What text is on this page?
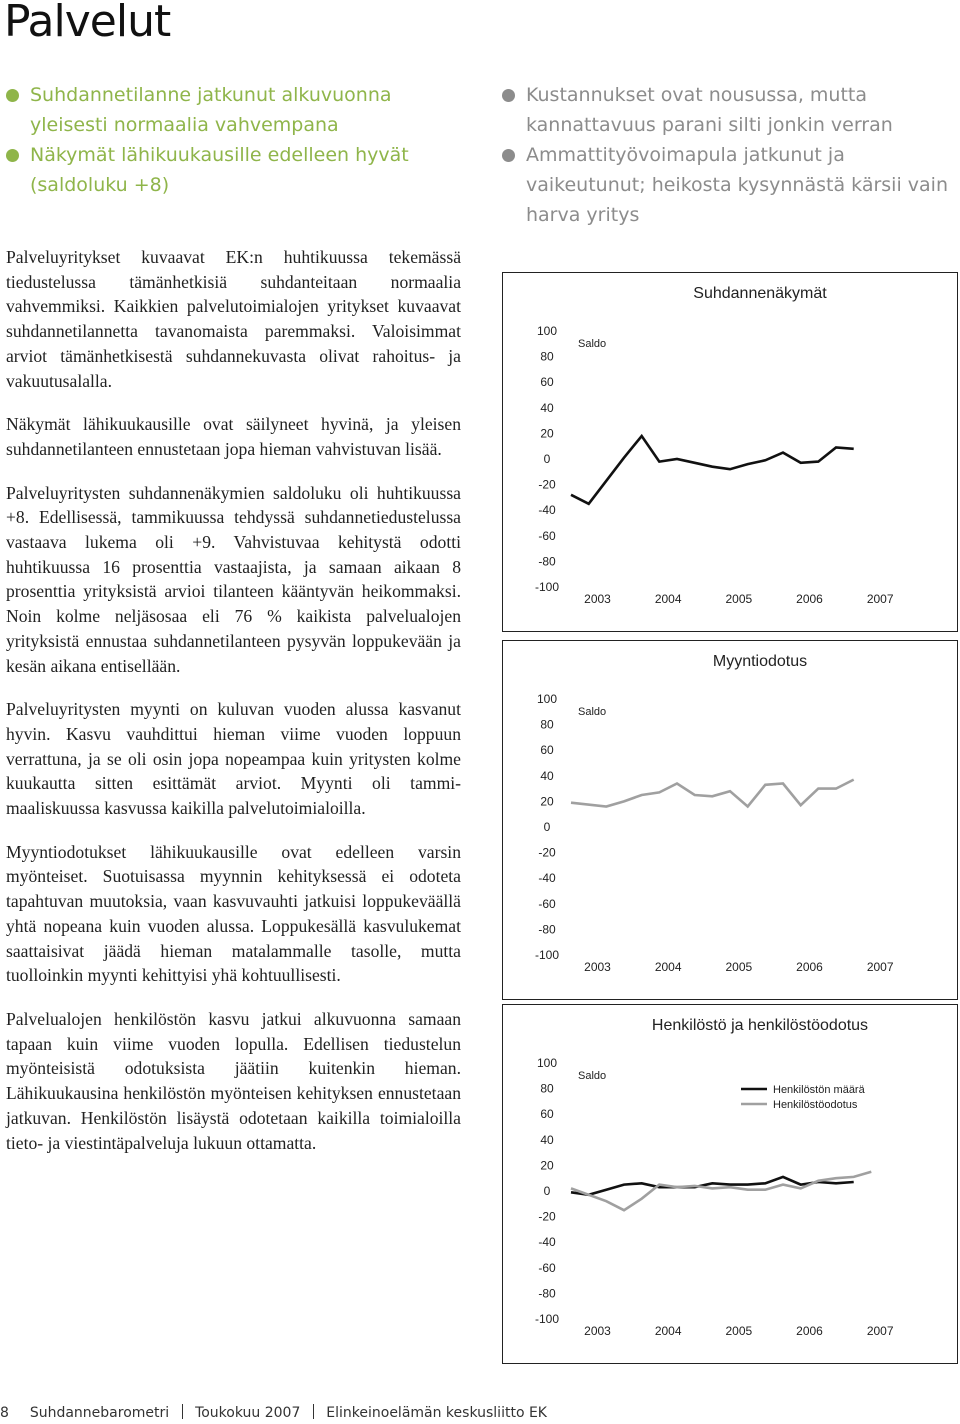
Palvelut
Suhdannetilanne jatkunut alkuvuonna yleisesti normaalia vahvempana
Näkymät lähikuukausille edelleen hyvät (saldoluku +8)
Kustannukset ovat nousussa, mutta kannattavuus parani silti jonkin verran
Ammattityövoimapula jatkunut ja vaikeutunut; heikosta kysynnästä kärsii vain harva yritys

Palveluyritykset kuvaavat EK:n huhtikuussa tekemässä tiedustelussa tämänhetkisiä suhdanteitaan normaalia vahvemmiksi. Kaikkien palvelutoimialojen yritykset kuvaavat suhdannetilannetta tavanomaista paremmaksi. Valoisimmat arviot tämänhetkisestä suhdannekuvasta olivat rahoitus- ja vakuutusalalla.

Näkymät lähikuukausille ovat säilyneet hyvinä, ja yleisen suhdannetilanteen ennustetaan jopa hieman vahvistuvan lisää.

Palveluyritysten suhdannenäkymien saldoluku oli huhtikuussa +8. Edellisessä, tammikuussa tehdyssä suhdannetiedustelussa vastaava lukema oli +9. Vahvistuvaa kehitystä odotti huhtikuussa 16 prosenttia vastaajista, ja samaan aikaan 8 prosenttia yrityksistä arvioi tilanteen kääntyvän heikommaksi. Noin kolme neljäsosaa eli 76 % kaikista palvelualojen yrityksistä ennustaa suhdannetilanteen pysyvän loppukevään ja kesän aikana entisellään.

Palveluyritysten myynti on kuluvan vuoden alussa kasvanut hyvin. Kasvu vauhdittui hieman viime vuoden loppuun verrattuna, ja se oli osin jopa nopeampaa kuin yritysten kolme kuukautta sitten esittämät arviot. Myynti oli tammi-maaliskuussa kasvussa kaikilla palvelutoimialoilla.

Myyntiodotukset lähikuukausille ovat edelleen varsin myönteiset. Suotuisassa myynnin kehityksessä ei odoteta tapahtuvan muutoksia, vaan kasvuvauhti jatkuisi loppukeväällä yhtä nopeana kuin vuoden alussa. Loppukesällä kasvulukemat saattaisivat jäädä hieman matalammalle tasolle, mutta tuolloinkin myynti kehittyisi yhä kohtuullisesti.

Palvelualojen henkilöstön kasvu jatkui alkuvuonna samaan tapaan kuin viime vuoden lopulla. Edellisen tiedustelun myönteisistä odotuksista jäätiin kuitenkin hieman. Lähikuukausina henkilöstön myönteisen kehityksen ennustetaan jatkuvan. Henkilöstön lisäystä odotetaan kaikilla toimialoilla tieto- ja viestintäpalveluja lukuun ottamatta.

Suhdannenäkymät
100
80
60
40
20
0
-20
-40
-60
-80
-100
Saldo
2003	2004	2005	2006	2007
Myyntiodotus
100
80
60
40
20
0
-20
-40
-60
-80
-100
Saldo
2003	2004	2005	2006	2007
Henkilöstö ja henkilöstöodotus
100
80
60
40
20
0
-20
-40
-60
-80
-100
Saldo
2003	2004	2005	2006	2007
Henkilöstön määrä
Henkilöstöodotus
8 Suhdannebarometri Toukokuu 2007 Elinkeinoelämän keskusliitto EK
